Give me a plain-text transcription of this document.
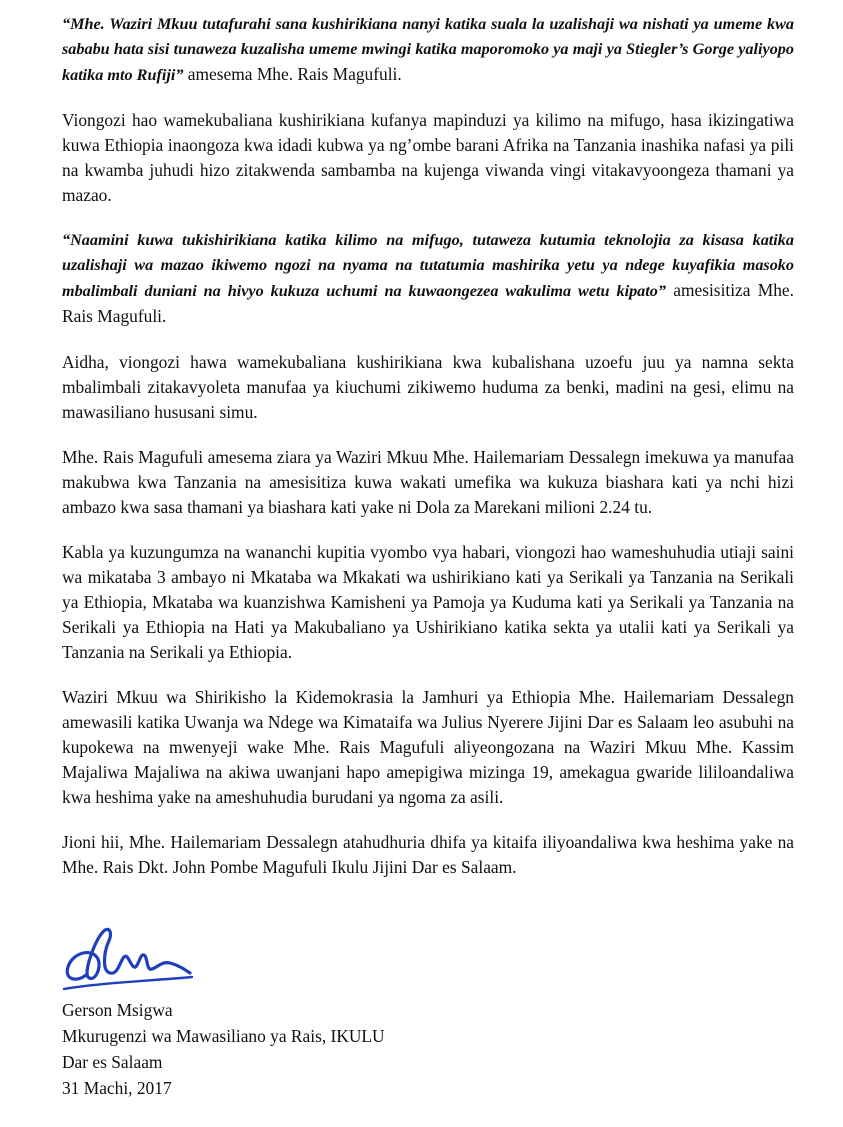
“Mhe. Waziri Mkuu tutafurahi sana kushirikiana nanyi katika suala la uzalishaji wa nishati ya umeme kwa sababu hata sisi tunaweza kuzalisha umeme mwingi katika maporomoko ya maji ya Stiegler’s Gorge yaliyopo katika mto Rufiji” amesema Mhe. Rais Magufuli.

Viongozi hao wamekubaliana kushirikiana kufanya mapinduzi ya kilimo na mifugo, hasa ikizingatiwa kuwa Ethiopia inaongoza kwa idadi kubwa ya ng’ombe barani Afrika na Tanzania inashika nafasi ya pili na kwamba juhudi hizo zitakwenda sambamba na kujenga viwanda vingi vitakavyoongeza thamani ya mazao.

“Naamini kuwa tukishirikiana katika kilimo na mifugo, tutaweza kutumia teknolojia za kisasa katika uzalishaji wa mazao ikiwemo ngozi na nyama na tutatumia mashirika yetu ya ndege kuyafikia masoko mbalimbali duniani na hivyo kukuza uchumi na kuwaongezea wakulima wetu kipato” amesisitiza Mhe. Rais Magufuli.

Aidha, viongozi hawa wamekubaliana kushirikiana kwa kubalishana uzoefu juu ya namna sekta mbalimbali zitakavyoleta manufaa ya kiuchumi zikiwemo huduma za benki, madini na gesi, elimu na mawasiliano hususani simu.

Mhe. Rais Magufuli amesema ziara ya Waziri Mkuu Mhe. Hailemariam Dessalegn imekuwa ya manufaa makubwa kwa Tanzania na amesisitiza kuwa wakati umefika wa kukuza biashara kati ya nchi hizi ambazo kwa sasa thamani ya biashara kati yake ni Dola za Marekani milioni 2.24 tu.

Kabla ya kuzungumza na wananchi kupitia vyombo vya habari, viongozi hao wameshuhudia utiaji saini wa mikataba 3 ambayo ni Mkataba wa Mkakati wa ushirikiano kati ya Serikali ya Tanzania na Serikali ya Ethiopia, Mkataba wa kuanzishwa Kamisheni ya Pamoja ya Kuduma kati ya Serikali ya Tanzania na Serikali ya Ethiopia na Hati ya Makubaliano ya Ushirikiano katika sekta ya utalii kati ya Serikali ya Tanzania na Serikali ya Ethiopia.

Waziri Mkuu wa Shirikisho la Kidemokrasia la Jamhuri ya Ethiopia Mhe. Hailemariam Dessalegn amewasili katika Uwanja wa Ndege wa Kimataifa wa Julius Nyerere Jijini Dar es Salaam leo asubuhi na kupokewa na mwenyeji wake Mhe. Rais Magufuli aliyeongozana na Waziri Mkuu Mhe. Kassim Majaliwa Majaliwa na akiwa uwanjani hapo amepigiwa mizinga 19, amekagua gwaride lililoandaliwa kwa heshima yake na ameshuhudia burudani ya ngoma za asili.

Jioni hii, Mhe. Hailemariam Dessalegn atahudhuria dhifa ya kitaifa iliyoandaliwa kwa heshima yake na Mhe. Rais Dkt. John Pombe Magufuli Ikulu Jijini Dar es Salaam.

Gerson Msigwa
Mkurugenzi wa Mawasiliano ya Rais, IKULU
Dar es Salaam
31 Machi, 2017
